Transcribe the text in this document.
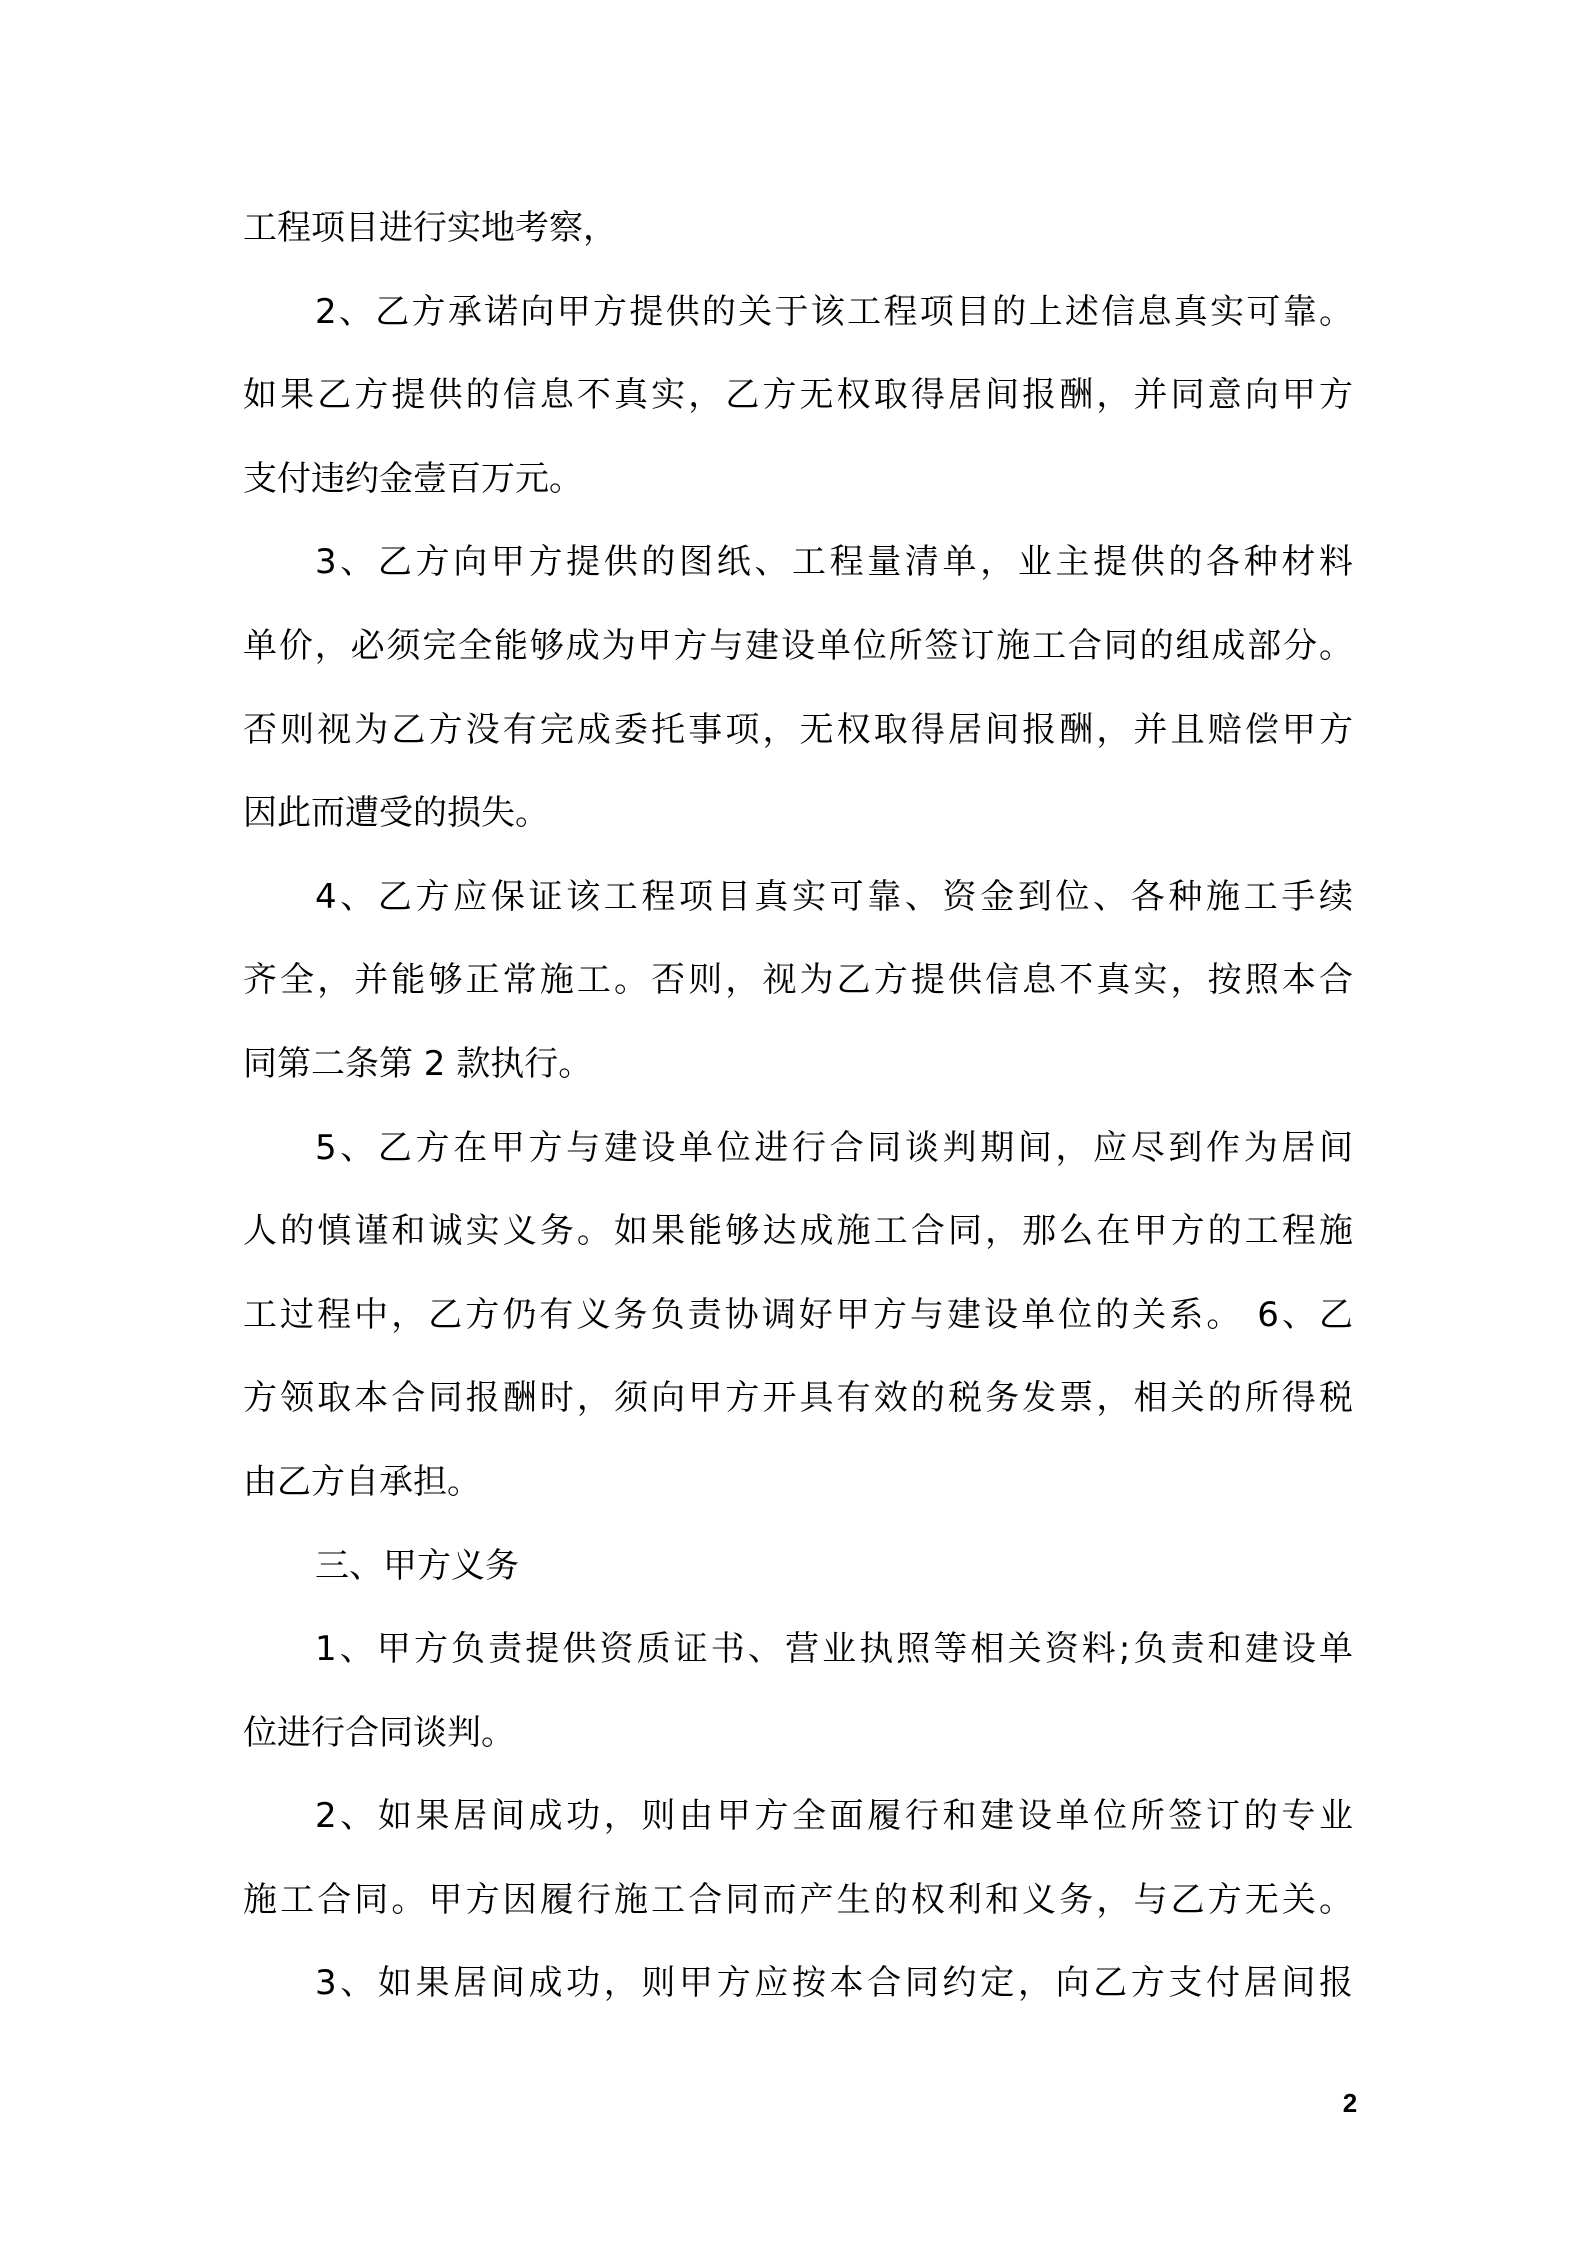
工程项目进行实地考察，
2、乙方承诺向甲方提供的关于该工程项目的上述信息真实可靠。
如果乙方提供的信息不真实，乙方无权取得居间报酬，并同意向甲方
支付违约金壹百万元。
3、乙方向甲方提供的图纸、工程量清单，业主提供的各种材料
单价，必须完全能够成为甲方与建设单位所签订施工合同的组成部分。
否则视为乙方没有完成委托事项，无权取得居间报酬，并且赔偿甲方
因此而遭受的损失。
4、乙方应保证该工程项目真实可靠、资金到位、各种施工手续
齐全，并能够正常施工。否则，视为乙方提供信息不真实，按照本合
同第二条第 2 款执行。
5、乙方在甲方与建设单位进行合同谈判期间，应尽到作为居间
人的慎谨和诚实义务。如果能够达成施工合同，那么在甲方的工程施
工过程中，乙方仍有义务负责协调好甲方与建设单位的关系。 6、乙
方领取本合同报酬时，须向甲方开具有效的税务发票，相关的所得税
由乙方自承担。
三、甲方义务
1、甲方负责提供资质证书、营业执照等相关资料;负责和建设单
位进行合同谈判。
2、如果居间成功，则由甲方全面履行和建设单位所签订的专业
施工合同。甲方因履行施工合同而产生的权利和义务，与乙方无关。
3、如果居间成功，则甲方应按本合同约定，向乙方支付居间报
2
